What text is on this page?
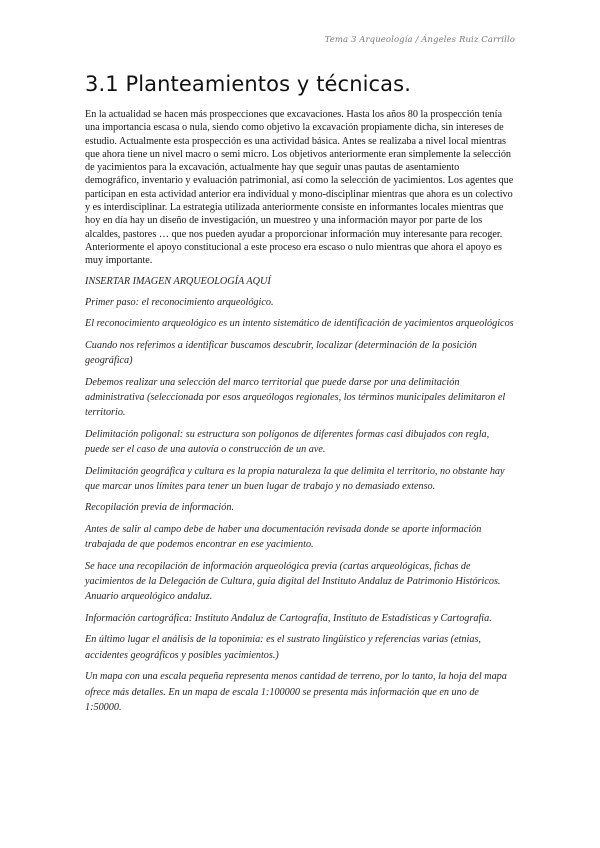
Tema 3 Arqueología / Ángeles Ruiz Carrillo
3.1 Planteamientos y técnicas.

En la actualidad se hacen más prospecciones que excavaciones. Hasta los años 80 la prospección tenía una importancia escasa o nula, siendo como objetivo la excavación propiamente dicha, sin intereses de estudio. Actualmente esta prospección es una actividad básica. Antes se realizaba a nivel local mientras que ahora tiene un nivel macro o semi micro. Los objetivos anteriormente eran simplemente la selección de yacimientos para la excavación, actualmente hay que seguir unas pautas de asentamiento demográfico, inventario y evaluación patrimonial, así como la selección de yacimientos. Los agentes que participan en esta actividad anterior era individual y mono-disciplinar mientras que ahora es un colectivo y es interdisciplinar. La estrategia utilizada anteriormente consiste en informantes locales mientras que hoy en día hay un diseño de investigación, un muestreo y una información mayor por parte de los alcaldes, pastores … que nos pueden ayudar a proporcionar información muy interesante para recoger. Anteriormente el apoyo constitucional a este proceso era escaso o nulo mientras que ahora el apoyo es muy importante.

INSERTAR IMAGEN ARQUEOLOGÍA AQUÍ

Primer paso: el reconocimiento arqueológico.

El reconocimiento arqueológico es un intento sistemático de identificación de yacimientos arqueológicos

Cuando nos referimos a identificar buscamos descubrir, localizar (determinación de la posición geográfica)

Debemos realizar una selección del marco territorial que puede darse por una delimitación administrativa (seleccionada por esos arqueólogos regionales, los términos municipales delimitaron el territorio.

Delimitación poligonal: su estructura son polígonos de diferentes formas casi dibujados con regla, puede ser el caso de una autovía o construcción de un ave.

Delimitación geográfica y cultura es la propia naturaleza la que delimita el territorio, no obstante hay que marcar unos límites para tener un buen lugar de trabajo y no demasiado extenso.

Recopilación previa de información.

Antes de salir al campo debe de haber una documentación revisada donde se aporte información trabajada de que podemos encontrar en ese yacimiento.

Se hace una recopilación de información arqueológica previa (cartas arqueológicas, fichas de yacimientos de la Delegación de Cultura, guía digital del Instituto Andaluz de Patrimonio Históricos. Anuario arqueológico andaluz.

Información cartográfica: Instituto Andaluz de Cartografía, Instituto de Estadísticas y Cartografía.

En último lugar el análisis de la toponimia: es el sustrato lingüístico y referencias varias (etnias, accidentes geográficos y posibles yacimientos.)

Un mapa con una escala pequeña representa menos cantidad de terreno, por lo tanto, la hoja del mapa ofrece más detalles. En un mapa de escala 1:100000 se presenta más información que en uno de 1:50000.
